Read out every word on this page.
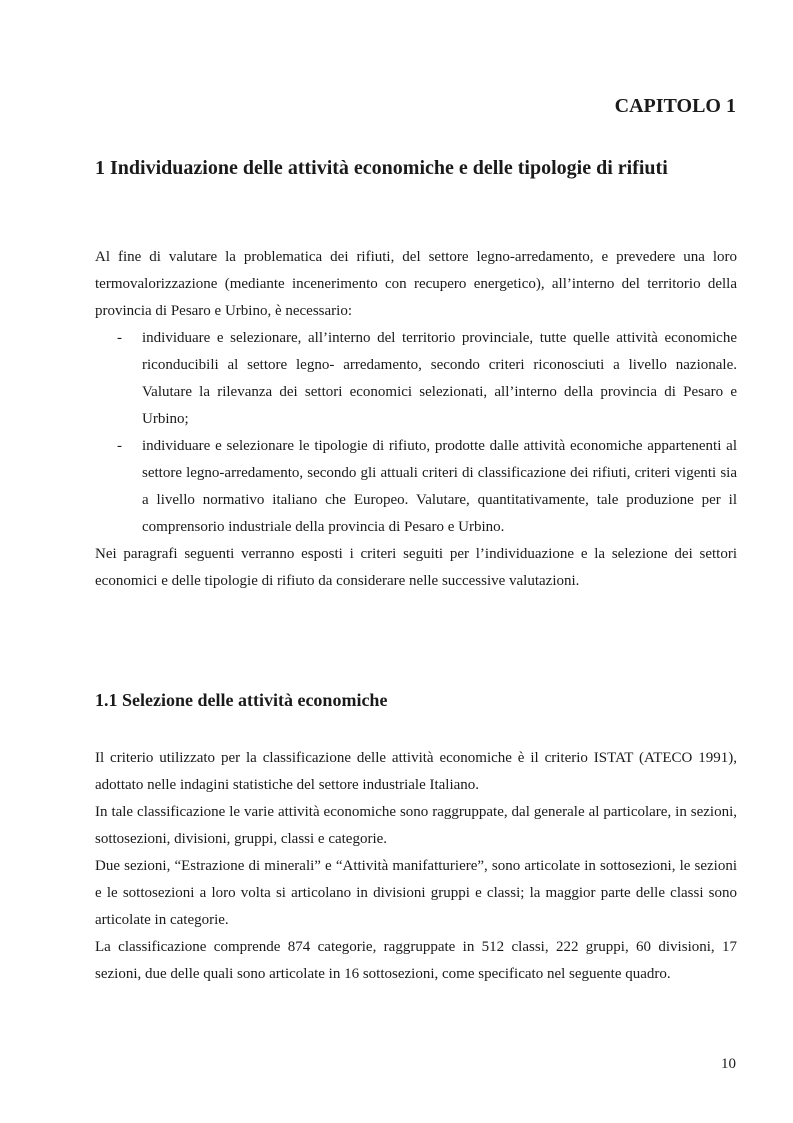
CAPITOLO 1
1 Individuazione delle attività economiche e delle tipologie di rifiuti

Al fine di valutare la problematica dei rifiuti, del settore legno-arredamento, e prevedere una loro termovalorizzazione (mediante incenerimento con recupero energetico), all’interno del territorio della provincia di Pesaro e Urbino, è necessario:

- individuare e selezionare, all’interno del territorio provinciale, tutte quelle attività economiche riconducibili al settore legno- arredamento, secondo criteri riconosciuti a livello nazionale. Valutare la rilevanza dei settori economici selezionati, all’interno della provincia di Pesaro e Urbino;
- individuare e selezionare le tipologie di rifiuto, prodotte dalle attività economiche appartenenti al settore legno-arredamento, secondo gli attuali criteri di classificazione dei rifiuti, criteri vigenti sia a livello normativo italiano che Europeo. Valutare, quantitativamente, tale produzione per il comprensorio industriale della provincia di Pesaro e Urbino.

Nei paragrafi seguenti verranno esposti i criteri seguiti per l’individuazione e la selezione dei settori economici e delle tipologie di rifiuto da considerare nelle successive valutazioni.

1.1 Selezione delle attività economiche

Il criterio utilizzato per la classificazione delle attività economiche è il criterio ISTAT (ATECO 1991), adottato nelle indagini statistiche del settore industriale Italiano.

In tale classificazione le varie attività economiche sono raggruppate, dal generale al particolare, in sezioni, sottosezioni, divisioni, gruppi, classi e categorie.

Due sezioni, “Estrazione di minerali” e “Attività manifatturiere”, sono articolate in sottosezioni, le sezioni e le sottosezioni a loro volta si articolano in divisioni gruppi e classi; la maggior parte delle classi sono articolate in categorie.

La classificazione comprende 874 categorie, raggruppate in 512 classi, 222 gruppi, 60 divisioni, 17 sezioni, due delle quali sono articolate in 16 sottosezioni, come specificato nel seguente quadro.

10
